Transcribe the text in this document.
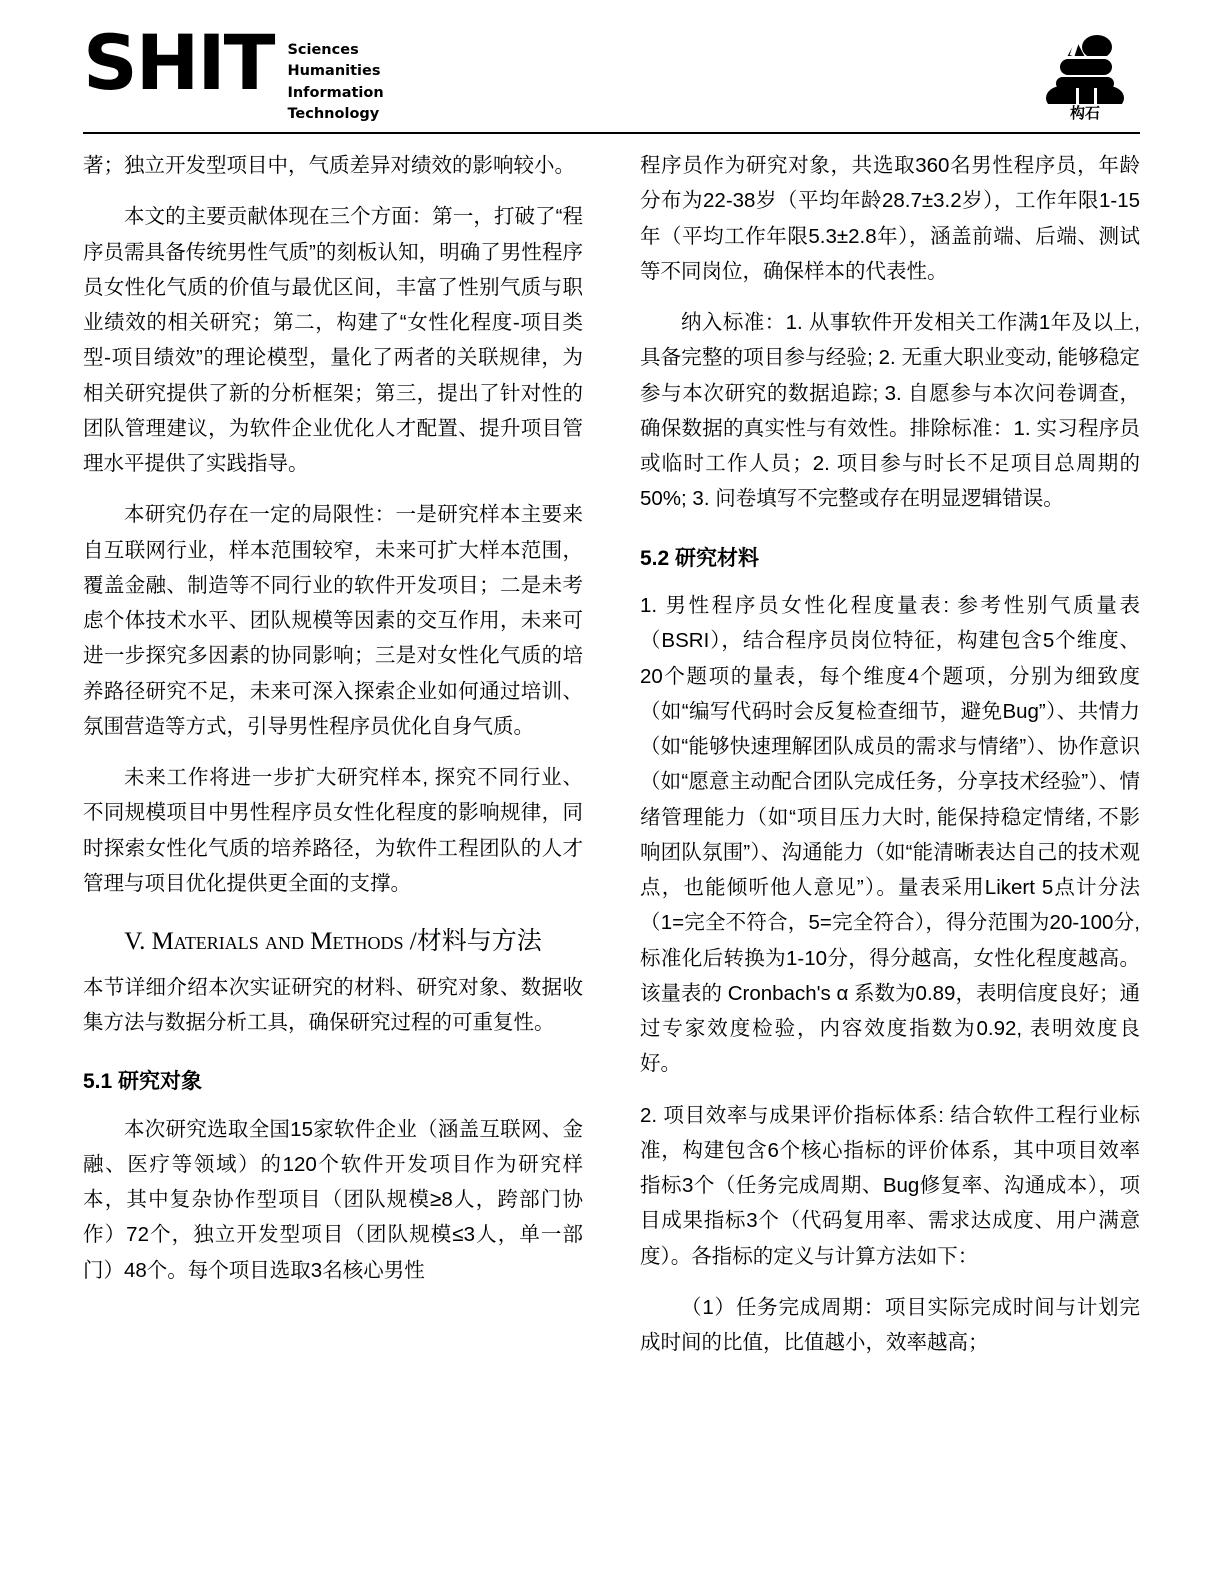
SHIT Sciences
Humanities
Information
Technology	构石

著；独立开发型项目中，气质差异对绩效的影响较小。

本文的主要贡献体现在三个方面：第一，打破了“程序员需具备传统男性气质”的刻板认知，明确了男性程序员女性化气质的价值与最优区间，丰富了性别气质与职业绩效的相关研究；第二，构建了“女性化程度-项目类型-项目绩效”的理论模型，量化了两者的关联规律，为相关研究提供了新的分析框架；第三，提出了针对性的团队管理建议，为软件企业优化人才配置、提升项目管理水平提供了实践指导。

本研究仍存在一定的局限性：一是研究样本主要来自互联网行业，样本范围较窄，未来可扩大样本范围，覆盖金融、制造等不同行业的软件开发项目；二是未考虑个体技术水平、团队规模等因素的交互作用，未来可进一步探究多因素的协同影响；三是对女性化气质的培养路径研究不足，未来可深入探索企业如何通过培训、氛围营造等方式，引导男性程序员优化自身气质。

未来工作将进一步扩大研究样本, 探究不同行业、不同规模项目中男性程序员女性化程度的影响规律，同时探索女性化气质的培养路径，为软件工程团队的人才管理与项目优化提供更全面的支撑。

V. Materials and Methods /材料与方法

本节详细介绍本次实证研究的材料、研究对象、数据收集方法与数据分析工具，确保研究过程的可重复性。

5.1 研究对象

本次研究选取全国15家软件企业（涵盖互联网、金融、医疗等领域）的120个软件开发项目作为研究样本，其中复杂协作型项目（团队规模≥8人，跨部门协作）72个，独立开发型项目（团队规模≤3人，单一部门）48个。每个项目选取3名核心男性

程序员作为研究对象，共选取360名男性程序员，年龄分布为22-38岁（平均年龄28.7±3.2岁），工作年限1-15年（平均工作年限5.3±2.8年），涵盖前端、后端、测试等不同岗位，确保样本的代表性。

纳入标准：1. 从事软件开发相关工作满1年及以上, 具备完整的项目参与经验; 2. 无重大职业变动, 能够稳定参与本次研究的数据追踪; 3. 自愿参与本次问卷调查，确保数据的真实性与有效性。排除标准：1. 实习程序员或临时工作人员；2. 项目参与时长不足项目总周期的50%; 3. 问卷填写不完整或存在明显逻辑错误。

5.2 研究材料

1. 男性程序员女性化程度量表: 参考性别气质量表（BSRI），结合程序员岗位特征，构建包含5个维度、20个题项的量表，每个维度4个题项，分别为细致度（如“编写代码时会反复检查细节，避免Bug”）、共情力（如“能够快速理解团队成员的需求与情绪”）、协作意识（如“愿意主动配合团队完成任务，分享技术经验”）、情绪管理能力（如“项目压力大时, 能保持稳定情绪, 不影响团队氛围”）、沟通能力（如“能清晰表达自己的技术观点，也能倾听他人意见”）。量表采用Likert 5点计分法（1=完全不符合，5=完全符合），得分范围为20-100分, 标准化后转换为1-10分，得分越高，女性化程度越高。该量表的 Cronbach's α 系数为0.89，表明信度良好；通过专家效度检验，内容效度指数为0.92, 表明效度良好。

2. 项目效率与成果评价指标体系: 结合软件工程行业标准，构建包含6个核心指标的评价体系，其中项目效率指标3个（任务完成周期、Bug修复率、沟通成本），项目成果指标3个（代码复用率、需求达成度、用户满意度）。各指标的定义与计算方法如下：

（1）任务完成周期：项目实际完成时间与计划完成时间的比值，比值越小，效率越高；
